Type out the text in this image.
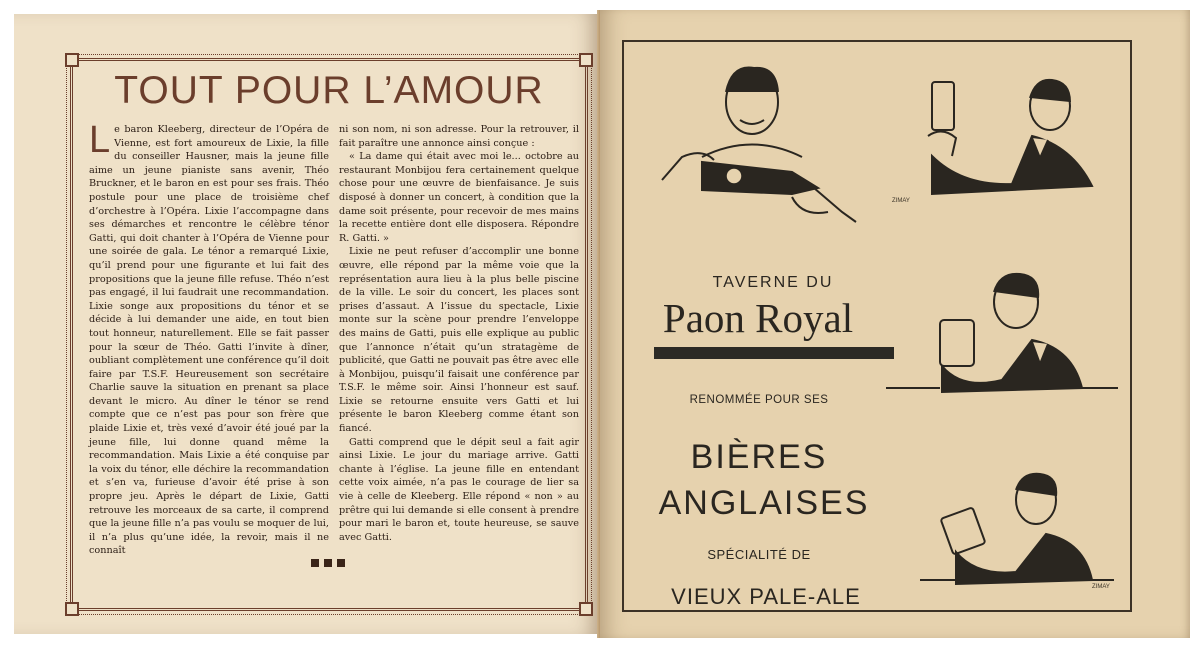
TOUT POUR L’AMOUR
L e baron Kleeberg, directeur de l’Opéra de Vienne, est fort amoureux de Lixie, la fille du conseiller Hausner, mais la jeune fille aime un jeune pianiste sans avenir, Théo Bruckner, et le baron en est pour ses frais. Théo postule pour une place de troisième chef d’orchestre à l’Opéra. Lixie l’accompagne dans ses démarches et rencontre le célèbre ténor Gatti, qui doit chanter à l’Opéra de Vienne pour une soirée de gala. Le ténor a remarqué Lixie, qu’il prend pour une figurante et lui fait des propositions que la jeune fille refuse. Théo n’est pas engagé, il lui faudrait une recommandation. Lixie songe aux propositions du ténor et se décide à lui demander une aide, en tout bien tout honneur, naturellement. Elle se fait passer pour la sœur de Théo. Gatti l’invite à dîner, oubliant complètement une conférence qu’il doit faire par T.S.F. Heureusement son secrétaire Charlie sauve la situation en prenant sa place devant le micro. Au dîner le ténor se rend compte que ce n’est pas pour son frère que plaide Lixie et, très vexé d’avoir été joué par la jeune fille, lui donne quand même la recommandation. Mais Lixie a été conquise par la voix du ténor, elle déchire la recommandation et s’en va, furieuse d’avoir été prise à son propre jeu. Après le départ de Lixie, Gatti retrouve les morceaux de sa carte, il comprend que la jeune fille n’a pas voulu se moquer de lui, il n’a plus qu’une idée, la revoir, mais il ne connaît

ni son nom, ni son adresse. Pour la retrouver, il fait paraître une annonce ainsi conçue :

« La dame qui était avec moi le... octobre au restaurant Monbijou fera certainement quelque chose pour une œuvre de bienfaisance. Je suis disposé à donner un concert, à condition que la dame soit présente, pour recevoir de mes mains la recette entière dont elle disposera. Répondre R. Gatti. »

Lixie ne peut refuser d’accomplir une bonne œuvre, elle répond par la même voie que la représentation aura lieu à la plus belle piscine de la ville. Le soir du concert, les places sont prises d’assaut. A l’issue du spectacle, Lixie monte sur la scène pour prendre l’enveloppe des mains de Gatti, puis elle explique au public que l’annonce n’était qu’un stratagème de publicité, que Gatti ne pouvait pas être avec elle à Monbijou, puisqu’il faisait une conférence par T.S.F. le même soir. Ainsi l’honneur est sauf. Lixie se retourne ensuite vers Gatti et lui présente le baron Kleeberg comme étant son fiancé.

Gatti comprend que le dépit seul a fait agir ainsi Lixie. Le jour du mariage arrive. Gatti chante à l’église. La jeune fille en entendant cette voix aimée, n’a pas le courage de lier sa vie à celle de Kleeberg. Elle répond « non » au prêtre qui lui demande si elle consent à prendre pour mari le baron et, toute heureuse, se sauve avec Gatti.

ZIMAY
ZIMAY
TAVERNE DU
Paon Royal
RENOMMÉE POUR SES
BIÈRES
ANGLAISES
SPÉCIALITÉ DE
VIEUX PALE-ALE
